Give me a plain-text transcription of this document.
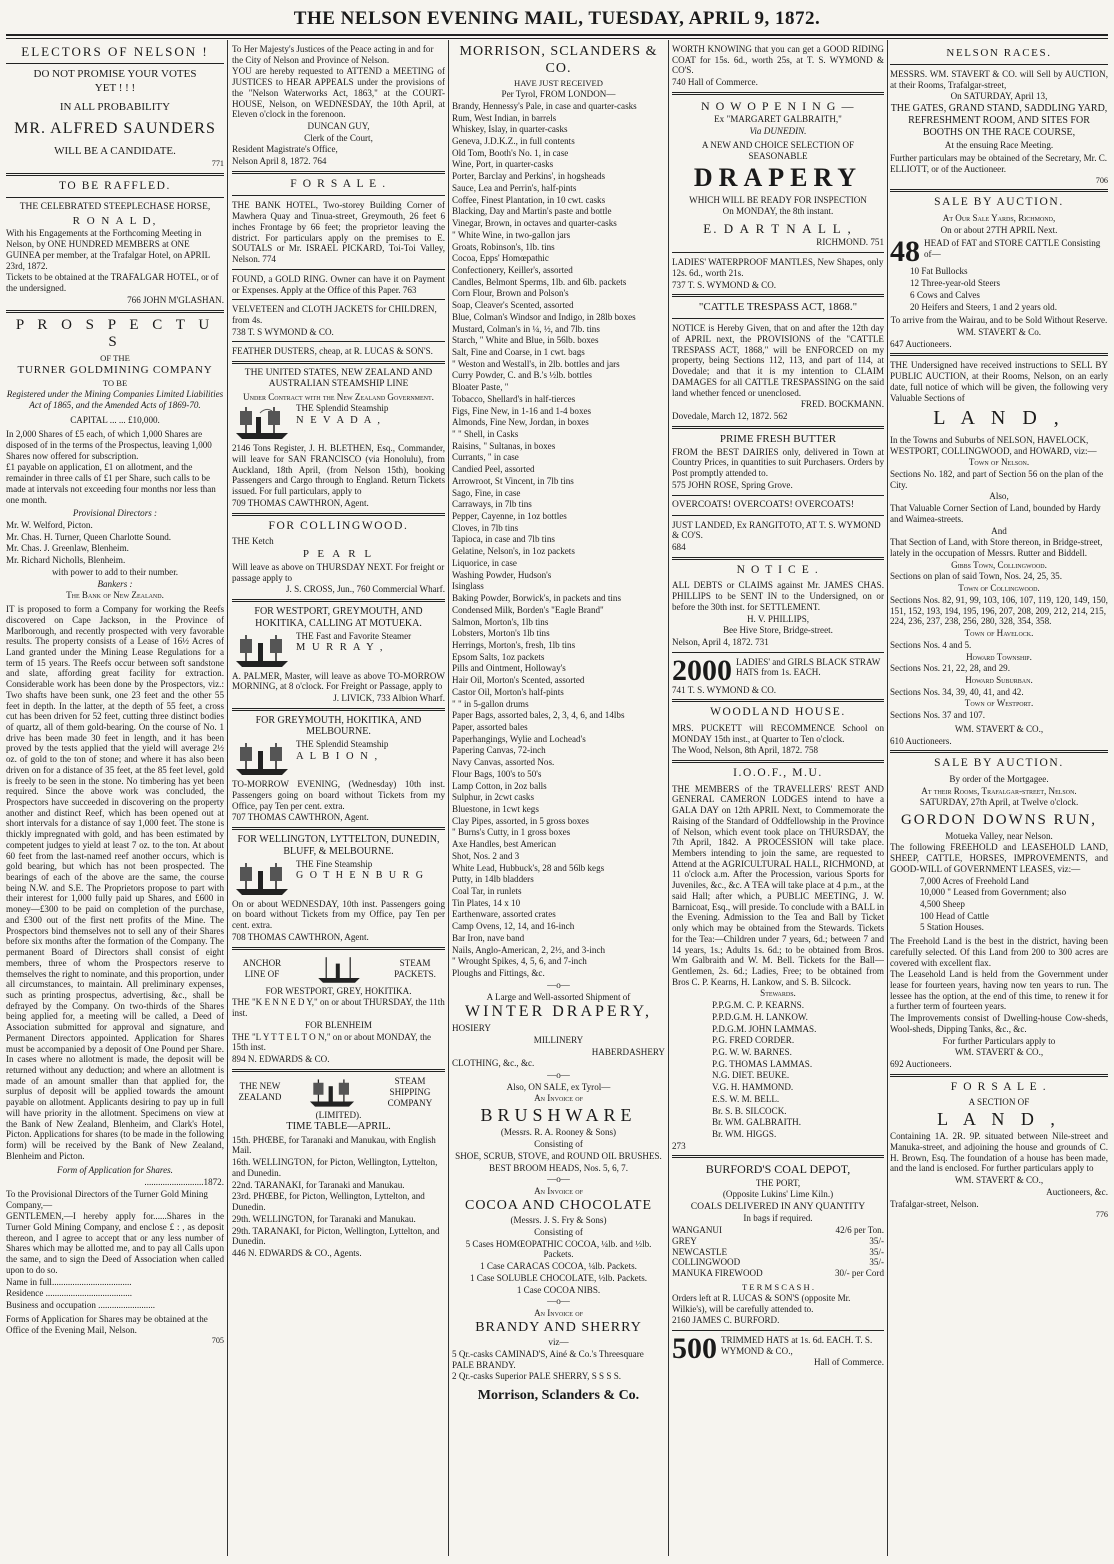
THE NELSON EVENING MAIL, TUESDAY, APRIL 9, 1872.

ELECTORS OF NELSON !

DO NOT PROMISE YOUR VOTES

YET ! ! !

IN ALL PROBABILITY

MR. ALFRED SAUNDERS

WILL BE A CANDIDATE.

771

TO BE RAFFLED.

THE CELEBRATED STEEPLECHASE HORSE,

R O N A L D,

With his Engagements at the Forthcoming Meeting in Nelson, by ONE HUNDRED MEMBERS at ONE GUINEA per member, at the Trafalgar Hotel, on APRIL 23rd, 1872.

Tickets to be obtained at the TRAFALGAR HOTEL, or of the undersigned.

766 JOHN M'GLASHAN.

P R O S P E C T U S

OF THE

TURNER GOLDMINING COMPANY

TO BE

Registered under the Mining Companies Limited Liabilities Act of 1865, and the Amended Acts of 1869-70.

CAPITAL ... ... £10,000.

In 2,000 Shares of £5 each, of which 1,000 Shares are disposed of in the terms of the Prospectus, leaving 1,000 Shares now offered for subscription.

£1 payable on application, £1 on allotment, and the remainder in three calls of £1 per Share, such calls to be made at intervals not exceeding four months nor less than one month.

Provisional Directors :

Mr. W. Welford, Picton.

Mr. Chas. H. Turner, Queen Charlotte Sound.

Mr. Chas. J. Greenlaw, Blenheim.

Mr. Richard Nicholls, Blenheim.

with power to add to their number.

Bankers :

The Bank of New Zealand.

IT is proposed to form a Company for working the Reefs discovered on Cape Jackson, in the Province of Marlborough, and recently prospected with very favorable results. The property consists of a Lease of 16½ Acres of Land granted under the Mining Lease Regulations for a term of 15 years. The Reefs occur between soft sandstone and slate, affording great facility for extraction. Considerable work has been done by the Prospectors, viz.: Two shafts have been sunk, one 23 feet and the other 55 feet in depth. In the latter, at the depth of 55 feet, a cross cut has been driven for 52 feet, cutting three distinct bodies of quartz, all of them gold-bearing. On the course of No. 1 drive has been made 30 feet in length, and it has been proved by the tests applied that the yield will average 2½ oz. of gold to the ton of stone; and where it has also been driven on for a distance of 35 feet, at the 85 feet level, gold is freely to be seen in the stone. No timbering has yet been required. Since the above work was concluded, the Prospectors have succeeded in discovering on the property another and distinct Reef, which has been opened out at short intervals for a distance of say 1,000 feet. The stone is thickly impregnated with gold, and has been estimated by competent judges to yield at least 7 oz. to the ton. At about 60 feet from the last-named reef another occurs, which is gold bearing, but which has not been prospected. The bearings of each of the above are the same, the course being N.W. and S.E. The Proprietors propose to part with their interest for 1,000 fully paid up Shares, and £600 in money—£300 to be paid on completion of the purchase, and £300 out of the first nett profits of the Mine. The Prospectors bind themselves not to sell any of their Shares before six months after the formation of the Company. The permanent Board of Directors shall consist of eight members, three of whom the Prospectors reserve to themselves the right to nominate, and this proportion, under all circumstances, to maintain. All preliminary expenses, such as printing prospectus, advertising, &c., shall be defrayed by the Company. On two-thirds of the Shares being applied for, a meeting will be called, a Deed of Association submitted for approval and signature, and Permanent Directors appointed. Application for Shares must be accompanied by a deposit of One Pound per Share. In cases where no allotment is made, the deposit will be returned without any deduction; and where an allotment is made of an amount smaller than that applied for, the surplus of deposit will be applied towards the amount payable on allotment. Applicants desiring to pay up in full will have priority in the allotment. Specimens on view at the Bank of New Zealand, Blenheim, and Clark's Hotel, Picton. Applications for shares (to be made in the following form) will be received by the Bank of New Zealand, Blenheim and Picton.

Form of Application for Shares.

..........................1872.

To the Provisional Directors of the Turner Gold Mining Company,—

GENTLEMEN,—I hereby apply for......Shares in the Turner Gold Mining Company, and enclose £ : , as deposit thereon, and I agree to accept that or any less number of Shares which may be allotted me, and to pay all Calls upon the same, and to sign the Deed of Association when called upon to do so.

Name in full...................................

Residence ......................................

Business and occupation .........................

Forms of Application for Shares may be obtained at the Office of the Evening Mail, Nelson.

705

To Her Majesty's Justices of the Peace acting in and for the City of Nelson and Province of Nelson.

YOU are hereby requested to ATTEND a MEETING of JUSTICES to HEAR APPEALS under the provisions of the "Nelson Waterworks Act, 1863," at the COURT-HOUSE, Nelson, on WEDNESDAY, the 10th April, at Eleven o'clock in the forenoon.

DUNCAN GUY,

Clerk of the Court,

Resident Magistrate's Office,

Nelson April 8, 1872. 764

F O R S A L E .

THE BANK HOTEL, Two-storey Building Corner of Mawhera Quay and Tinua-street, Greymouth, 26 feet 6 inches Frontage by 66 feet; the proprietor leaving the district. For particulars apply on the premises to E. SOUTALS or Mr. ISRAEL PICKARD, Toi-Toi Valley, Nelson. 774

FOUND, a GOLD RING. Owner can have it on Payment or Expenses. Apply at the Office of this Paper. 763

VELVETEEN and CLOTH JACKETS for CHILDREN, from 4s.

738 T. S WYMOND & CO.

FEATHER DUSTERS, cheap, at R. LUCAS & SON'S.

THE UNITED STATES, NEW ZEALAND AND AUSTRALIAN STEAMSHIP LINE

Under Contract with the New Zealand Government.

THE Splendid Steamship

N E V A D A ,

2146 Tons Register, J. H. BLETHEN, Esq., Commander, will leave for SAN FRANCISCO (via Honolulu), from Auckland, 18th April, (from Nelson 15th), booking Passengers and Cargo through to England. Return Tickets issued. For full particulars, apply to

709 THOMAS CAWTHRON, Agent.

FOR COLLINGWOOD.

THE Ketch

P E A R L

Will leave as above on THURSDAY NEXT. For freight or passage apply to

J. S. CROSS, Jun., 760 Commercial Wharf.

FOR WESTPORT, GREYMOUTH, AND HOKITIKA, CALLING AT MOTUEKA.

THE Fast and Favorite Steamer

M U R R A Y ,

A. PALMER, Master, will leave as above TO-MORROW MORNING, at 8 o'clock. For Freight or Passage, apply to

J. LIVICK, 733 Albion Wharf.

FOR GREYMOUTH, HOKITIKA, AND MELBOURNE.

THE Splendid Steamship

A L B I O N ,

TO-MORROW EVENING, (Wednesday) 10th inst. Passengers going on board without Tickets from my Office, pay Ten per cent. extra.

707 THOMAS CAWTHRON, Agent.

FOR WELLINGTON, LYTTELTON, DUNEDIN, BLUFF, & MELBOURNE.

THE Fine Steamship

G O T H E N B U R G

On or about WEDNESDAY, 10th inst. Passengers going on board without Tickets from my Office, pay Ten per cent. extra.

708 THOMAS CAWTHRON, Agent.

ANCHOR LINE OF

STEAM PACKETS.

FOR WESTPORT, GREY, HOKITIKA.

THE "K E N N E D Y," on or about THURSDAY, the 11th inst.

FOR BLENHEIM

THE "L Y T T E L T O N," on or about MONDAY, the 15th inst.

894 N. EDWARDS & CO.

THE NEW ZEALAND

STEAM SHIPPING COMPANY

(LIMITED).

TIME TABLE—APRIL.

15th. PHŒBE, for Taranaki and Manukau, with English Mail.

16th. WELLINGTON, for Picton, Wellington, Lyttelton, and Dunedin.

22nd. TARANAKI, for Taranaki and Manukau.

23rd. PHŒBE, for Picton, Wellington, Lyttelton, and Dunedin.

29th. WELLINGTON, for Taranaki and Manukau.

29th. TARANAKI, for Picton, Wellington, Lyttelton, and Dunedin.

446 N. EDWARDS & CO., Agents.

MORRISON, SCLANDERS & CO.

HAVE JUST RECEIVED

Per Tyrol, FROM LONDON—

Brandy, Hennessy's Pale, in case and quarter-casks

Rum, West Indian, in barrels

Whiskey, Islay, in quarter-casks

Geneva, J.D.K.Z., in full contents

Old Tom, Booth's No. 1, in case

Wine, Port, in quarter-casks

Porter, Barclay and Perkins', in hogsheads

Sauce, Lea and Perrin's, half-pints

Coffee, Finest Plantation, in 10 cwt. casks

Blacking, Day and Martin's paste and bottle

Vinegar, Brown, in octaves and quarter-casks

" White Wine, in two-gallon jars

Groats, Robinson's, 1lb. tins

Cocoa, Epps' Homœpathic

Confectionery, Keiller's, assorted

Candles, Belmont Sperms, 1lb. and 6lb. packets

Corn Flour, Brown and Polson's

Soap, Cleaver's Scented, assorted

Blue, Colman's Windsor and Indigo, in 28lb boxes

Mustard, Colman's in ¼, ½, and 7lb. tins

Starch, " White and Blue, in 56lb. boxes

Salt, Fine and Coarse, in 1 cwt. bags

" Weston and Westall's, in 2lb. bottles and jars

Curry Powder, C. and B.'s ½lb. bottles

Bloater Paste, "

Tobacco, Shellard's in half-tierces

Figs, Fine New, in 1-16 and 1-4 boxes

Almonds, Fine New, Jordan, in boxes

" " Shell, in Casks

Raisins, " Sultanas, in boxes

Currants, " in case

Candied Peel, assorted

Arrowroot, St Vincent, in 7lb tins

Sago, Fine, in case

Carraways, in 7lb tins

Pepper, Cayenne, in 1oz bottles

Cloves, in 7lb tins

Tapioca, in case and 7lb tins

Gelatine, Nelson's, in 1oz packets

Liquorice, in case

Washing Powder, Hudson's

Isinglass

Baking Powder, Borwick's, in packets and tins

Condensed Milk, Borden's "Eagle Brand"

Salmon, Morton's, 1lb tins

Lobsters, Morton's 1lb tins

Herrings, Morton's, fresh, 1lb tins

Epsom Salts, 1oz packets

Pills and Ointment, Holloway's

Hair Oil, Morton's Scented, assorted

Castor Oil, Morton's half-pints

" " in 5-gallon drums

Paper Bags, assorted bales, 2, 3, 4, 6, and 14lbs

Paper, assorted bales

Paperhangings, Wylie and Lochead's

Papering Canvas, 72-inch

Navy Canvas, assorted Nos.

Flour Bags, 100's to 50's

Lamp Cotton, in 2oz balls

Sulphur, in 2cwt casks

Bluestone, in 1cwt kegs

Clay Pipes, assorted, in 5 gross boxes

" Burns's Cutty, in 1 gross boxes

Axe Handles, best American

Shot, Nos. 2 and 3

White Lead, Hubbuck's, 28 and 56lb kegs

Putty, in 14lb bladders

Coal Tar, in runlets

Tin Plates, 14 x 10

Earthenware, assorted crates

Camp Ovens, 12, 14, and 16-inch

Bar Iron, nave band

Nails, Anglo-American, 2, 2½, and 3-inch

" Wrought Spikes, 4, 5, 6, and 7-inch

Ploughs and Fittings, &c.

—o—

A Large and Well-assorted Shipment of

WINTER DRAPERY,

HOSIERY

MILLINERY

HABERDASHERY

CLOTHING, &c., &c.

—o—

Also, ON SALE, ex Tyrol—

An Invoice of

BRUSHWARE

(Messrs. R. A. Rooney & Sons)

Consisting of

SHOE, SCRUB, STOVE, and ROUND OIL BRUSHES.

BEST BROOM HEADS, Nos. 5, 6, 7.

—o—

An Invoice of

COCOA AND CHOCOLATE

(Messrs. J. S. Fry & Sons)

Consisting of

5 Cases HOMŒOPATHIC COCOA, ¼lb. and ½lb. Packets.

1 Case CARACAS COCOA, ¼lb. Packets.

1 Case SOLUBLE CHOCOLATE, ½lb. Packets.

1 Case COCOA NIBS.

—o—

An Invoice of

BRANDY AND SHERRY

viz—

5 Qr.-casks CAMINAD'S, Ainé & Co.'s Threesquare PALE BRANDY.

2 Qr.-casks Superior PALE SHERRY, S S S S.

Morrison, Sclanders & Co.

WORTH KNOWING that you can get a GOOD RIDING COAT for 15s. 6d., worth 25s, at T. S. WYMOND & CO'S.

740 Hall of Commerce.

N O W O P E N I N G —

Ex "MARGARET GALBRAITH,"

Via DUNEDIN.

A NEW AND CHOICE SELECTION OF SEASONABLE

DRAPERY

WHICH WILL BE READY FOR INSPECTION

On MONDAY, the 8th instant.

E. D A R T N A L L ,

RICHMOND. 751

LADIES' WATERPROOF MANTLES, New Shapes, only 12s. 6d., worth 21s.

737 T. S. WYMOND & CO.

"CATTLE TRESPASS ACT, 1868."

NOTICE is Hereby Given, that on and after the 12th day of APRIL next, the PROVISIONS of the "CATTLE TRESPASS ACT, 1868," will be ENFORCED on my property, being Sections 112, 113, and part of 114, at Dovedale; and that it is my intention to CLAIM DAMAGES for all CATTLE TRESPASSING on the said land whether fenced or unenclosed.

FRED. BOCKMANN.

Dovedale, March 12, 1872. 562

PRIME FRESH BUTTER

FROM the BEST DAIRIES only, delivered in Town at Country Prices, in quantities to suit Purchasers. Orders by Post promptly attended to.

575 JOHN ROSE, Spring Grove.

OVERCOATS! OVERCOATS! OVERCOATS!

JUST LANDED, Ex RANGITOTO, AT T. S. WYMOND & CO'S.

684

N O T I C E .

ALL DEBTS or CLAIMS against Mr. JAMES CHAS. PHILLIPS to be SENT IN to the Undersigned, on or before the 30th inst. for SETTLEMENT.

H. V. PHILLIPS,

Bee Hive Store, Bridge-street.

Nelson, April 4, 1872. 731

2000 LADIES' and GIRLS BLACK STRAW HATS from 1s. EACH.

741 T. S. WYMOND & CO.

WOODLAND HOUSE.

MRS. PUCKETT will RECOMMENCE School on MONDAY 15th inst., at Quarter to Ten o'clock.

The Wood, Nelson, 8th April, 1872. 758

I.O.O.F., M.U.

THE MEMBERS of the TRAVELLERS' REST AND GENERAL CAMERON LODGES intend to have a GALA DAY on 12th APRIL Next, to Commemorate the Raising of the Standard of Oddfellowship in the Province of Nelson, which event took place on THURSDAY, the 7th April, 1842. A PROCESSION will take place. Members intending to join the same, are requested to Attend at the AGRICULTURAL HALL, RICHMOND, at 11 o'clock a.m. After the Procession, various Sports for Juveniles, &c., &c. A TEA will take place at 4 p.m., at the said Hall; after which, a PUBLIC MEETING, J. W. Barnicoat, Esq., will preside. To conclude with a BALL in the Evening. Admission to the Tea and Ball by Ticket only which may be obtained from the Stewards. Tickets for the Tea:—Children under 7 years, 6d.; between 7 and 14 years, 1s.; Adults 1s. 6d.; to be obtained from Bros. Wm Galbraith and W. M. Bell. Tickets for the Ball—Gentlemen, 2s. 6d.; Ladies, Free; to be obtained from Bros C. P. Kearns, H. Lankow, and S. B. Silcock.

Stewards.

P.P.G.M. C. P. KEARNS.

P.P.D.G.M. H. LANKOW.

P.D.G.M. JOHN LAMMAS.

P.G. FRED CORDER.

P.G. W. W. BARNES.

P.G. THOMAS LAMMAS.

N.G. DIET. BEUKE.

V.G. H. HAMMOND.

E.S. W. M. BELL.

Br. S. B. SILCOCK.

Br. WM. GALBRAITH.

Br. WM. HIGGS.

273

BURFORD'S COAL DEPOT,

THE PORT,

(Opposite Lukins' Lime Kiln.)

COALS DELIVERED IN ANY QUANTITY

In bags if required.

WANGANUI	42/6 per Ton.
GREY	35/-
NEWCASTLE	35/-
COLLINGWOOD	35/-
MANUKA FIREWOOD	30/- per Cord

T E R M S C A S H .

Orders left at R. LUCAS & SON'S (opposite Mr. Wilkie's), will be carefully attended to.

2160 JAMES C. BURFORD.

500 TRIMMED HATS at 1s. 6d. EACH. T. S. WYMOND & CO.,

Hall of Commerce.

NELSON RACES.

MESSRS. WM. STAVERT & CO. will Sell by AUCTION, at their Rooms, Trafalgar-street,

On SATURDAY, April 13,

THE GATES, GRAND STAND, SADDLING YARD, REFRESHMENT ROOM, AND SITES FOR BOOTHS ON THE RACE COURSE,

At the ensuing Race Meeting.

Further particulars may be obtained of the Secretary, Mr. C. ELLIOTT, or of the Auctioneer.

706

SALE BY AUCTION.

At Our Sale Yards, Richmond,

On or about 27TH APRIL Next.

48 HEAD of FAT and STORE CATTLE Consisting of—

10 Fat Bullocks

12 Three-year-old Steers

6 Cows and Calves

20 Heifers and Steers, 1 and 2 years old.

To arrive from the Wairau, and to be Sold Without Reserve.

WM. STAVERT & Co.

647 Auctioneers.

THE Undersigned have received instructions to SELL BY PUBLIC AUCTION, at their Rooms, Nelson, on an early date, full notice of which will be given, the following very Valuable Sections of

L A N D ,

In the Towns and Suburbs of NELSON, HAVELOCK, WESTPORT, COLLINGWOOD, and HOWARD, viz:—

Town of Nelson.

Sections No. 182, and part of Section 56 on the plan of the City.

Also,

That Valuable Corner Section of Land, bounded by Hardy and Waimea-streets.

And

That Section of Land, with Store thereon, in Bridge-street, lately in the occupation of Messrs. Rutter and Biddell.

Gibbs Town, Collingwood.

Sections on plan of said Town, Nos. 24, 25, 35.

Town of Collingwood.

Sections Nos. 82, 91, 99, 103, 106, 107, 119, 120, 149, 150, 151, 152, 193, 194, 195, 196, 207, 208, 209, 212, 214, 215, 224, 236, 237, 238, 256, 280, 328, 354, 358.

Town of Havelock.

Sections Nos. 4 and 5.

Howard Township.

Sections Nos. 21, 22, 28, and 29.

Howard Suburban.

Sections Nos. 34, 39, 40, 41, and 42.

Town of Westport.

Sections Nos. 37 and 107.

WM. STAVERT & CO.,

610 Auctioneers.

SALE BY AUCTION.

By order of the Mortgagee.

At their Rooms, Trafalgar-street, Nelson.

SATURDAY, 27th April, at Twelve o'clock.

GORDON DOWNS RUN,

Motueka Valley, near Nelson.

The following FREEHOLD and LEASEHOLD LAND, SHEEP, CATTLE, HORSES, IMPROVEMENTS, and GOOD-WILL of GOVERNMENT LEASES, viz:—

7,000 Acres of Freehold Land

10,000 " Leased from Government; also

4,500 Sheep

100 Head of Cattle

5 Station Houses.

The Freehold Land is the best in the district, having been carefully selected. Of this Land from 200 to 300 acres are covered with excellent flax.

The Leasehold Land is held from the Government under lease for fourteen years, having now ten years to run. The lessee has the option, at the end of this time, to renew it for a further term of fourteen years.

The Improvements consist of Dwelling-house Cow-sheds, Wool-sheds, Dipping Tanks, &c., &c.

For further Particulars apply to

WM. STAVERT & CO.,

692 Auctioneers.

F O R S A L E .

A SECTION OF

L A N D ,

Containing 1A. 2R. 9P. situated between Nile-street and Manuka-street, and adjoining the house and grounds of C. H. Brown, Esq. The foundation of a house has been made, and the land is enclosed. For further particulars apply to

WM. STAVERT & CO.,

Auctioneers, &c.

Trafalgar-street, Nelson.

776
